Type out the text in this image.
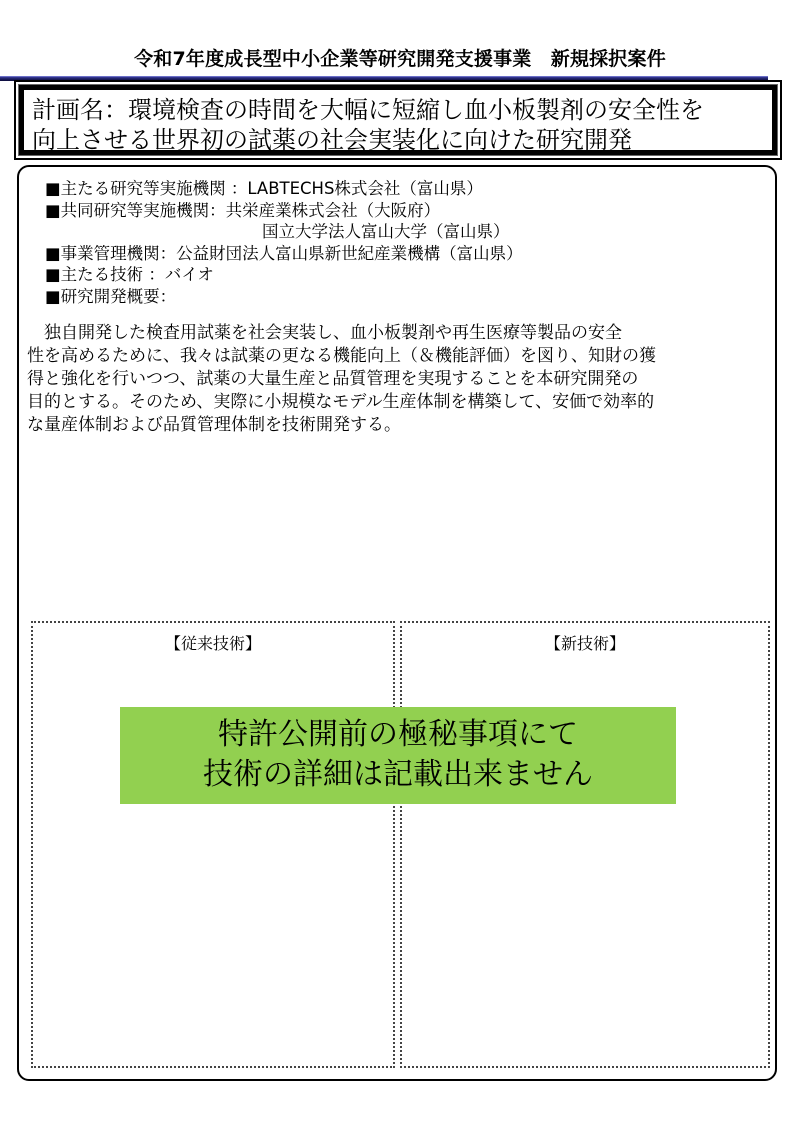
令和7年度成長型中小企業等研究開発支援事業　新規採択案件
計画名：環境検査の時間を大幅に短縮し血小板製剤の安全性を
向上させる世界初の試薬の社会実装化に向けた研究開発
■主たる研究等実施機関 ：LABTECHS株式会社（富山県）
■共同研究等実施機関：共栄産業株式会社（大阪府）
国立大学法人富山大学（富山県）
■事業管理機関：公益財団法人富山県新世紀産業機構（富山県）
■主たる技術 ：バイオ
■研究開発概要：
　独自開発した検査用試薬を社会実装し、血小板製剤や再生医療等製品の安全
性を高めるために、我々は試薬の更なる機能向上（＆機能評価）を図り、知財の獲
得と強化を行いつつ、試薬の大量生産と品質管理を実現することを本研究開発の
目的とする。そのため、実際に小規模なモデル生産体制を構築して、安価で効率的
な量産体制および品質管理体制を技術開発する。
【従来技術】	【新技術】
特許公開前の極秘事項にて
技術の詳細は記載出来ません
